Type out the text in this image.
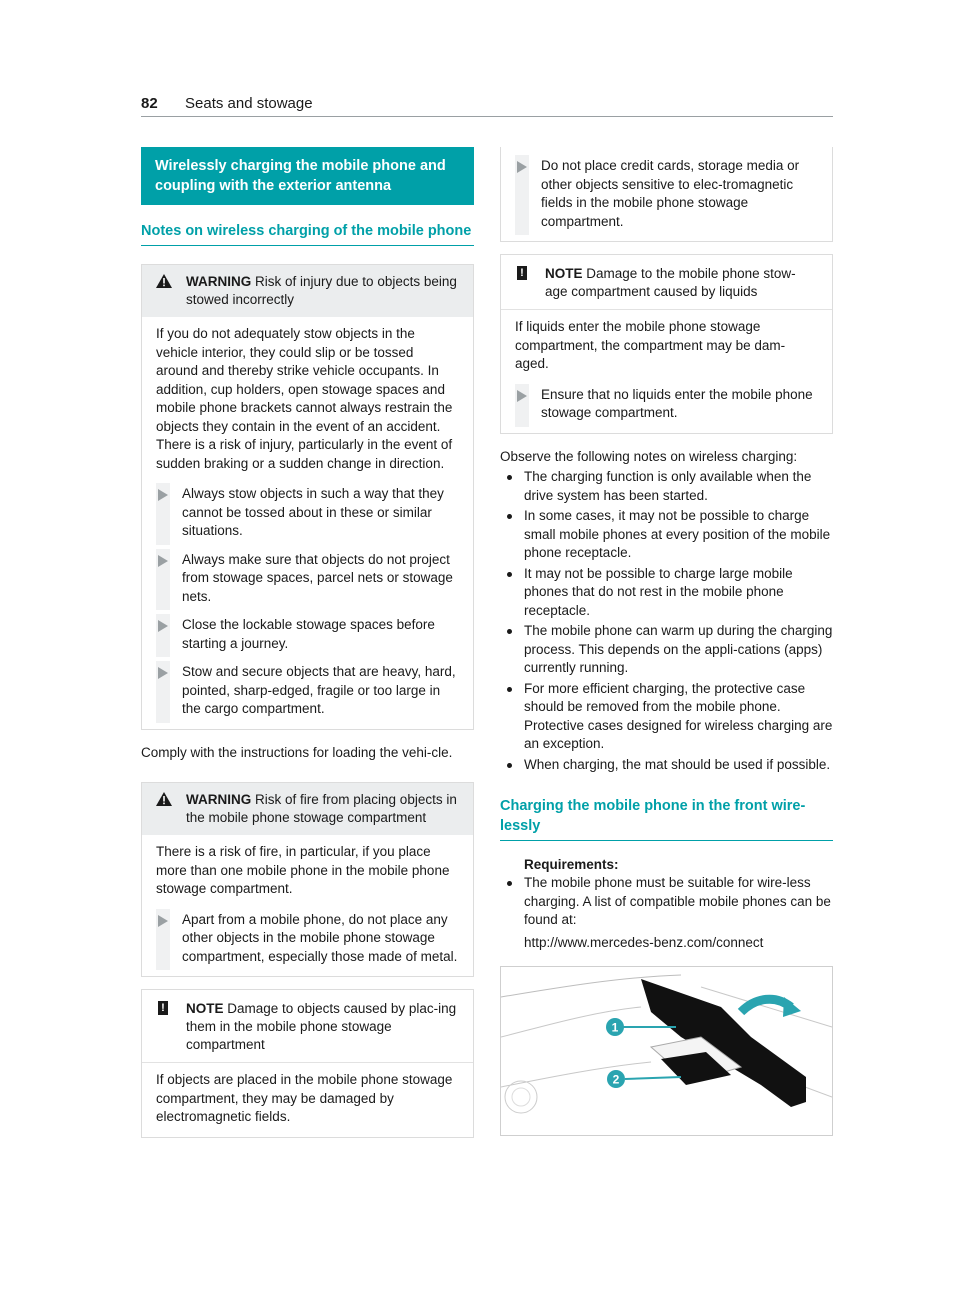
82 Seats and stowage
Wirelessly charging the mobile phone and coupling with the exterior antenna
Notes on wireless charging of the mobile phone
WARNING Risk of injury due to objects being stowed incorrectly
If you do not adequately stow objects in the vehicle interior, they could slip or be tossed around and thereby strike vehicle occupants. In addition, cup holders, open stowage spaces and mobile phone brackets cannot always restrain the objects they contain in the event of an accident.
There is a risk of injury, particularly in the event of sudden braking or a sudden change in direction.
Always stow objects in such a way that they cannot be tossed about in these or similar situations.
Always make sure that objects do not project from stowage spaces, parcel nets or stowage nets.
Close the lockable stowage spaces before starting a journey.
Stow and secure objects that are heavy, hard, pointed, sharp-edged, fragile or too large in the cargo compartment.
Comply with the instructions for loading the vehi-cle.
WARNING Risk of fire from placing objects in the mobile phone stowage compartment
There is a risk of fire, in particular, if you place more than one mobile phone in the mobile phone stowage compartment.
Apart from a mobile phone, do not place any other objects in the mobile phone stowage compartment, especially those made of metal.
! NOTE Damage to objects caused by plac-ing them in the mobile phone stowage compartment
If objects are placed in the mobile phone stowage compartment, they may be damaged by electromagnetic fields.
Do not place credit cards, storage media or other objects sensitive to elec-tromagnetic fields in the mobile phone stowage compartment.
! NOTE Damage to the mobile phone stow-age compartment caused by liquids
If liquids enter the mobile phone stowage compartment, the compartment may be dam-aged.
Ensure that no liquids enter the mobile phone stowage compartment.
Observe the following notes on wireless charging:
The charging function is only available when the drive system has been started.
In some cases, it may not be possible to charge small mobile phones at every position of the mobile phone receptacle.
It may not be possible to charge large mobile phones that do not rest in the mobile phone receptacle.
The mobile phone can warm up during the charging process. This depends on the appli-cations (apps) currently running.
For more efficient charging, the protective case should be removed from the mobile phone. Protective cases designed for wireless charging are an exception.
When charging, the mat should be used if possible.
Charging the mobile phone in the front wire-lessly
Requirements:
The mobile phone must be suitable for wire-less charging. A list of compatible mobile phones can be found at:
http://www.mercedes-benz.com/connect
1
2
